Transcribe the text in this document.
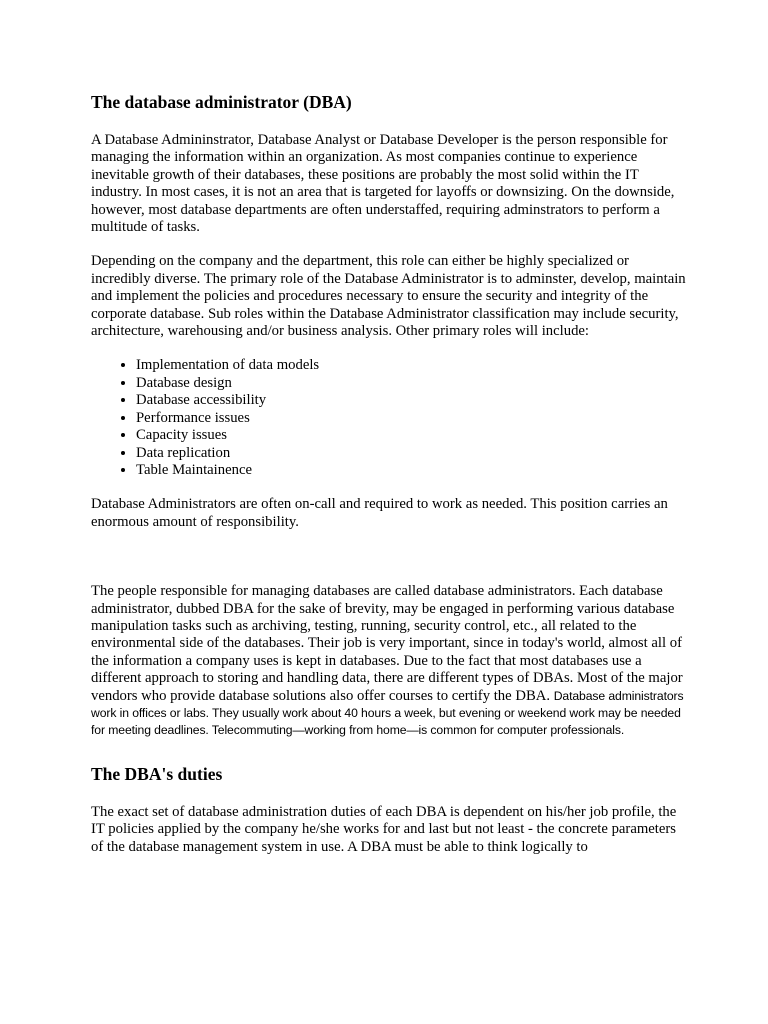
The database administrator (DBA)

A Database Admininstrator, Database Analyst or Database Developer is the person responsible for managing the information within an organization. As most companies continue to experience inevitable growth of their databases, these positions are probably the most solid within the IT industry. In most cases, it is not an area that is targeted for layoffs or downsizing. On the downside, however, most database departments are often understaffed, requiring adminstrators to perform a multitude of tasks.

Depending on the company and the department, this role can either be highly specialized or incredibly diverse. The primary role of the Database Administrator is to adminster, develop, maintain and implement the policies and procedures necessary to ensure the security and integrity of the corporate database. Sub roles within the Database Administrator classification may include security, architecture, warehousing and/or business analysis. Other primary roles will include:

• Implementation of data models
• Database design
• Database accessibility
• Performance issues
• Capacity issues
• Data replication
• Table Maintainence

Database Administrators are often on-call and required to work as needed. This position carries an enormous amount of responsibility.

The people responsible for managing databases are called database administrators. Each database administrator, dubbed DBA for the sake of brevity, may be engaged in performing various database manipulation tasks such as archiving, testing, running, security control, etc., all related to the environmental side of the databases. Their job is very important, since in today's world, almost all of the information a company uses is kept in databases. Due to the fact that most databases use a different approach to storing and handling data, there are different types of DBAs. Most of the major vendors who provide database solutions also offer courses to certify the DBA. Database administrators work in offices or labs. They usually work about 40 hours a week, but evening or weekend work may be needed for meeting deadlines. Telecommuting—working from home—is common for computer professionals.

The DBA's duties

The exact set of database administration duties of each DBA is dependent on his/her job profile, the IT policies applied by the company he/she works for and last but not least - the concrete parameters of the database management system in use. A DBA must be able to think logically to
